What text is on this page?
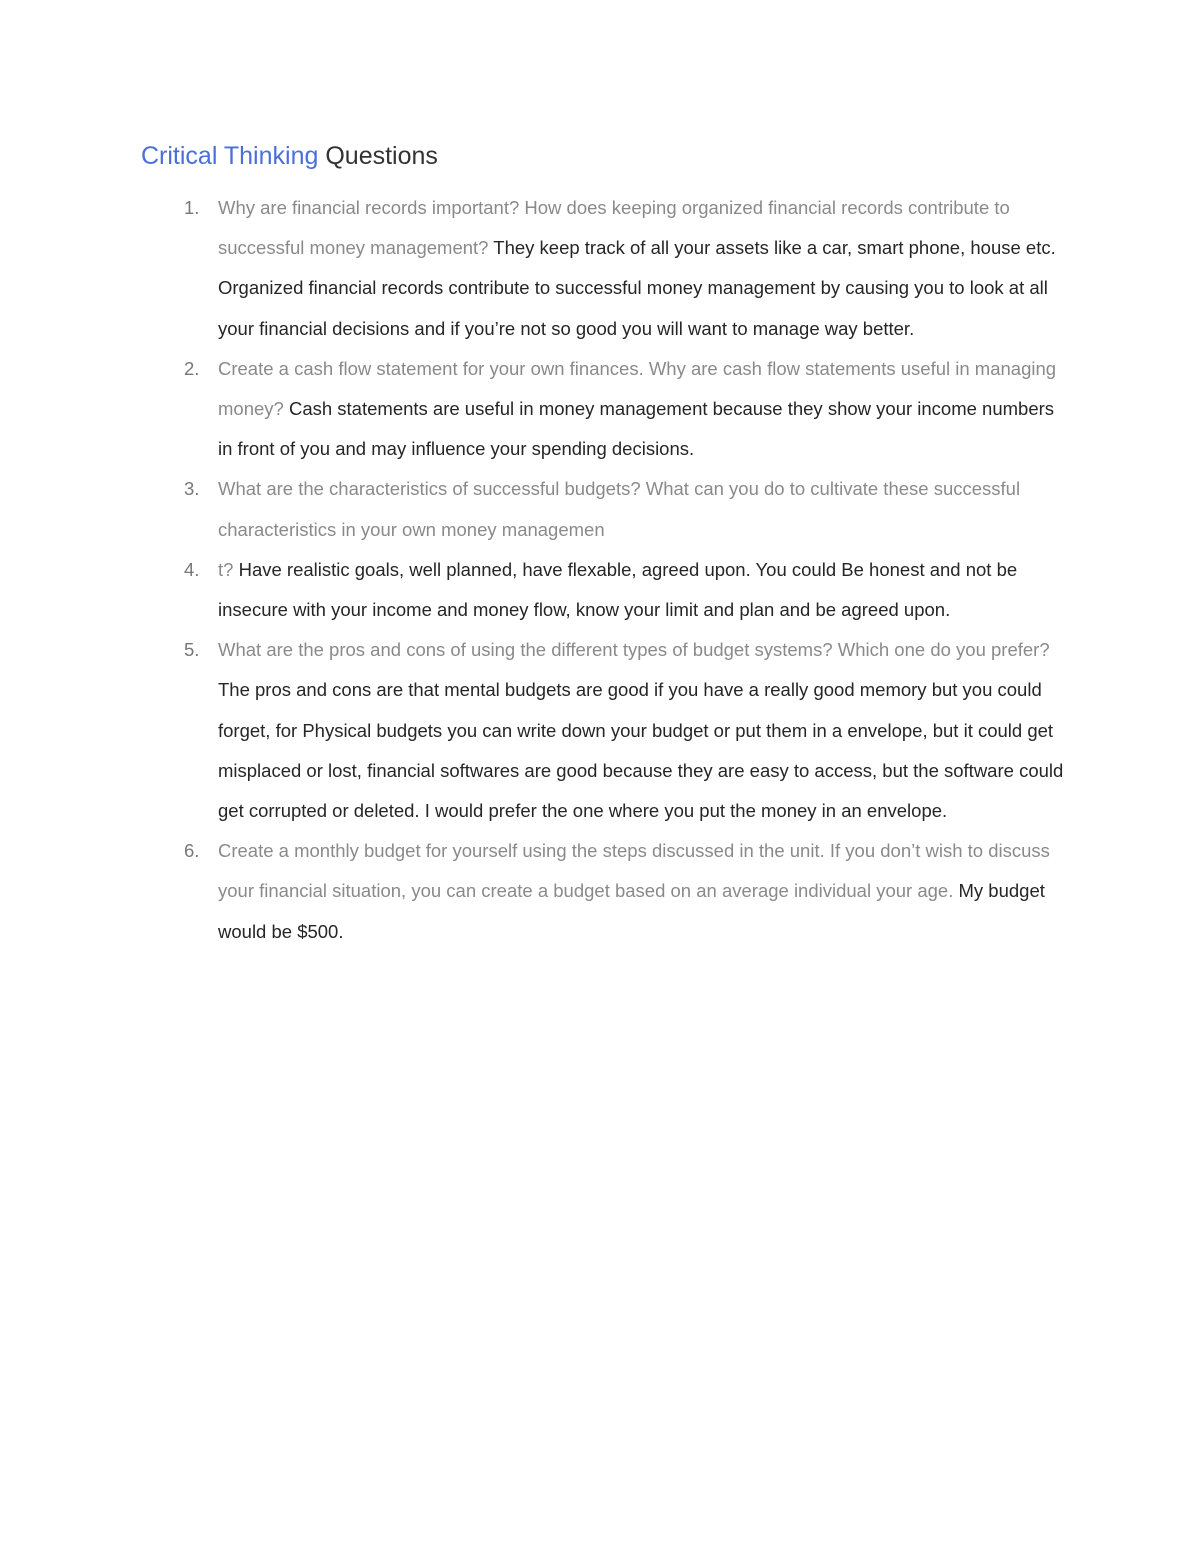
Critical Thinking Questions
1. Why are financial records important? How does keeping organized financial records contribute to successful money management? They keep track of all your assets like a car, smart phone, house etc. Organized financial records contribute to successful money management by causing you to look at all your financial decisions and if you’re not so good you will want to manage way better.
2. Create a cash flow statement for your own finances. Why are cash flow statements useful in managing money? Cash statements are useful in money management because they show your income numbers in front of you and may influence your spending decisions.
3. What are the characteristics of successful budgets? What can you do to cultivate these successful characteristics in your own money managemen
4. t? Have realistic goals, well planned, have flexable, agreed upon. You could Be honest and not be insecure with your income and money flow, know your limit and plan and be agreed upon.
5. What are the pros and cons of using the different types of budget systems? Which one do you prefer? The pros and cons are that mental budgets are good if you have a really good memory but you could forget, for Physical budgets you can write down your budget or put them in a envelope, but it could get misplaced or lost, financial softwares are good because they are easy to access, but the software could get corrupted or deleted. I would prefer the one where you put the money in an envelope.
6. Create a monthly budget for yourself using the steps discussed in the unit. If you don’t wish to discuss your financial situation, you can create a budget based on an average individual your age. My budget would be $500.
